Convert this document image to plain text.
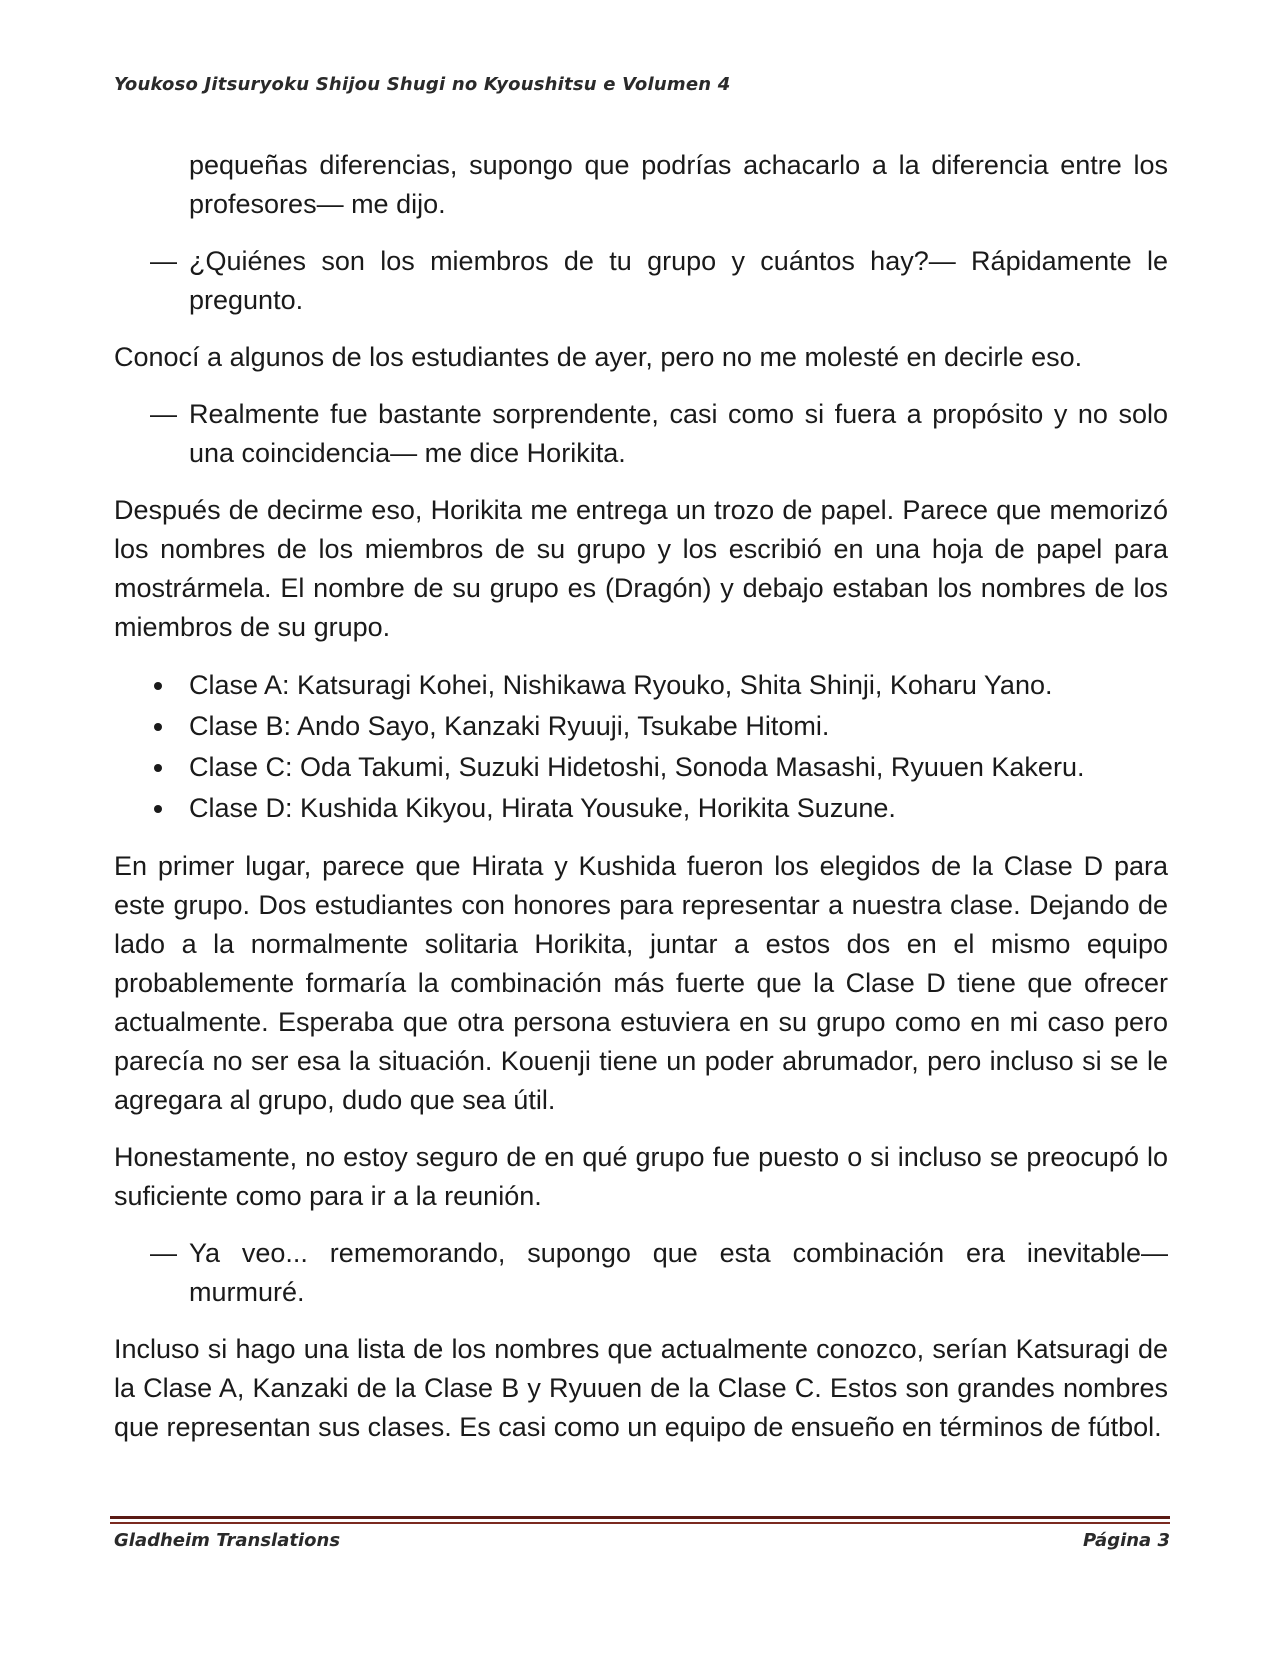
Youkoso Jitsuryoku Shijou Shugi no Kyoushitsu e Volumen 4

pequeñas diferencias, supongo que podrías achacarlo a la diferencia entre los profesores— me dijo.

— ¿Quiénes son los miembros de tu grupo y cuántos hay?— Rápidamente le pregunto.

Conocí a algunos de los estudiantes de ayer, pero no me molesté en decirle eso.

— Realmente fue bastante sorprendente, casi como si fuera a propósito y no solo una coincidencia— me dice Horikita.

Después de decirme eso, Horikita me entrega un trozo de papel. Parece que memorizó los nombres de los miembros de su grupo y los escribió en una hoja de papel para mostrármela. El nombre de su grupo es (Dragón) y debajo estaban los nombres de los miembros de su grupo.

Clase A: Katsuragi Kohei, Nishikawa Ryouko, Shita Shinji, Koharu Yano.
Clase B: Ando Sayo, Kanzaki Ryuuji, Tsukabe Hitomi.
Clase C: Oda Takumi, Suzuki Hidetoshi, Sonoda Masashi, Ryuuen Kakeru.
Clase D: Kushida Kikyou, Hirata Yousuke, Horikita Suzune.

En primer lugar, parece que Hirata y Kushida fueron los elegidos de la Clase D para este grupo. Dos estudiantes con honores para representar a nuestra clase. Dejando de lado a la normalmente solitaria Horikita, juntar a estos dos en el mismo equipo probablemente formaría la combinación más fuerte que la Clase D tiene que ofrecer actualmente. Esperaba que otra persona estuviera en su grupo como en mi caso pero parecía no ser esa la situación. Kouenji tiene un poder abrumador, pero incluso si se le agregara al grupo, dudo que sea útil.

Honestamente, no estoy seguro de en qué grupo fue puesto o si incluso se preocupó lo suficiente como para ir a la reunión.

— Ya veo... rememorando, supongo que esta combinación era inevitable— murmuré.

Incluso si hago una lista de los nombres que actualmente conozco, serían Katsuragi de la Clase A, Kanzaki de la Clase B y Ryuuen de la Clase C. Estos son grandes nombres que representan sus clases. Es casi como un equipo de ensueño en términos de fútbol.

Gladheim Translations	Página 3
